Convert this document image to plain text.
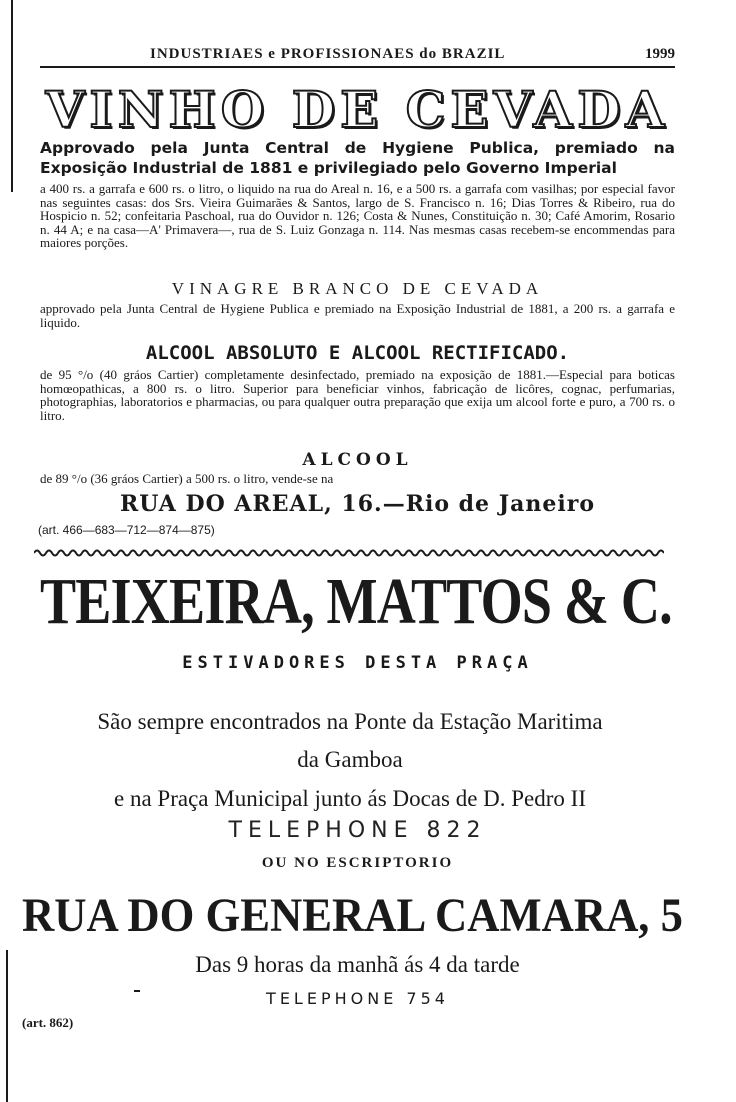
INDUSTRIAES e PROFISSIONAES do BRAZIL	1999
VINHO DE CEVADA
Approvado pela Junta Central de Hygiene Publica, premiado na Exposição Industrial de 1881 e privilegiado pelo Governo Imperial
a 400 rs. a garrafa e 600 rs. o litro, o liquido na rua do Areal n. 16, e a 500 rs. a garrafa com vasilhas; por especial favor nas seguintes casas: dos Srs. Vieira Guimarães & Santos, largo de S. Francisco n. 16; Dias Torres & Ribeiro, rua do Hospicio n. 52; confeitaria Paschoal, rua do Ouvidor n. 126; Costa & Nunes, Constituição n. 30; Café Amorim, Rosario n. 44 A; e na casa—A' Primavera—, rua de S. Luiz Gonzaga n. 114. Nas mesmas casas recebem-se encommendas para maiores porções.
VINAGRE BRANCO DE CEVADA
approvado pela Junta Central de Hygiene Publica e premiado na Exposição Industrial de 1881, a 200 rs. a garrafa e liquido.
ALCOOL ABSOLUTO E ALCOOL RECTIFICADO.
de 95 °/o (40 gráos Cartier) completamente desinfectado, premiado na exposição de 1881.—Especial para boticas homœopathicas, a 800 rs. o litro. Superior para beneficiar vinhos, fabricação de licôres, cognac, perfumarias, photographias, laboratorios e pharmacias, ou para qualquer outra preparação que exija um alcool forte e puro, a 700 rs. o litro.
ALCOOL
de 89 °/o (36 gráos Cartier) a 500 rs. o litro, vende-se na
RUA DO AREAL, 16.—Rio de Janeiro
(art. 466—683—712—874—875)
TEIXEIRA, MATTOS & C.
ESTIVADORES DESTA PRAÇA
São sempre encontrados na Ponte da Estação Maritima
da Gamboa
e na Praça Municipal junto ás Docas de D. Pedro II
TELEPHONE 822
OU NO ESCRIPTORIO
RUA DO GENERAL CAMARA, 5
Das 9 horas da manhã ás 4 da tarde
TELEPHONE 754
(art. 862)
